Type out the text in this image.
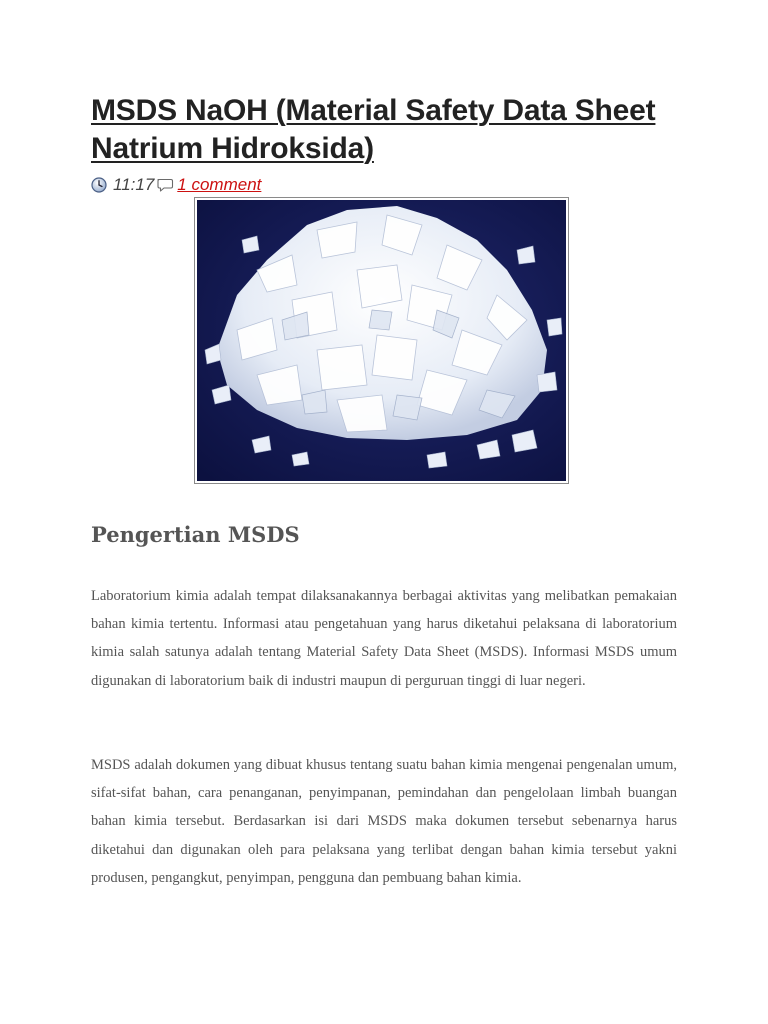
MSDS NaOH (Material Safety Data Sheet Natrium Hidroksida)
11:17 1 comment
Pengertian MSDS

Laboratorium kimia adalah tempat dilaksanakannya berbagai aktivitas yang melibatkan pemakaian bahan kimia tertentu. Informasi atau pengetahuan yang harus diketahui pelaksana di laboratorium kimia salah satunya adalah tentang Material Safety Data Sheet (MSDS). Informasi MSDS umum digunakan di laboratorium baik di industri maupun di perguruan tinggi di luar negeri.

MSDS adalah dokumen yang dibuat khusus tentang suatu bahan kimia mengenai pengenalan umum, sifat-sifat bahan, cara penanganan, penyimpanan, pemindahan dan pengelolaan limbah buangan bahan kimia tersebut. Berdasarkan isi dari MSDS maka dokumen tersebut sebenarnya harus diketahui dan digunakan oleh para pelaksana yang terlibat dengan bahan kimia tersebut yakni produsen, pengangkut, penyimpan, pengguna dan pembuang bahan kimia.
